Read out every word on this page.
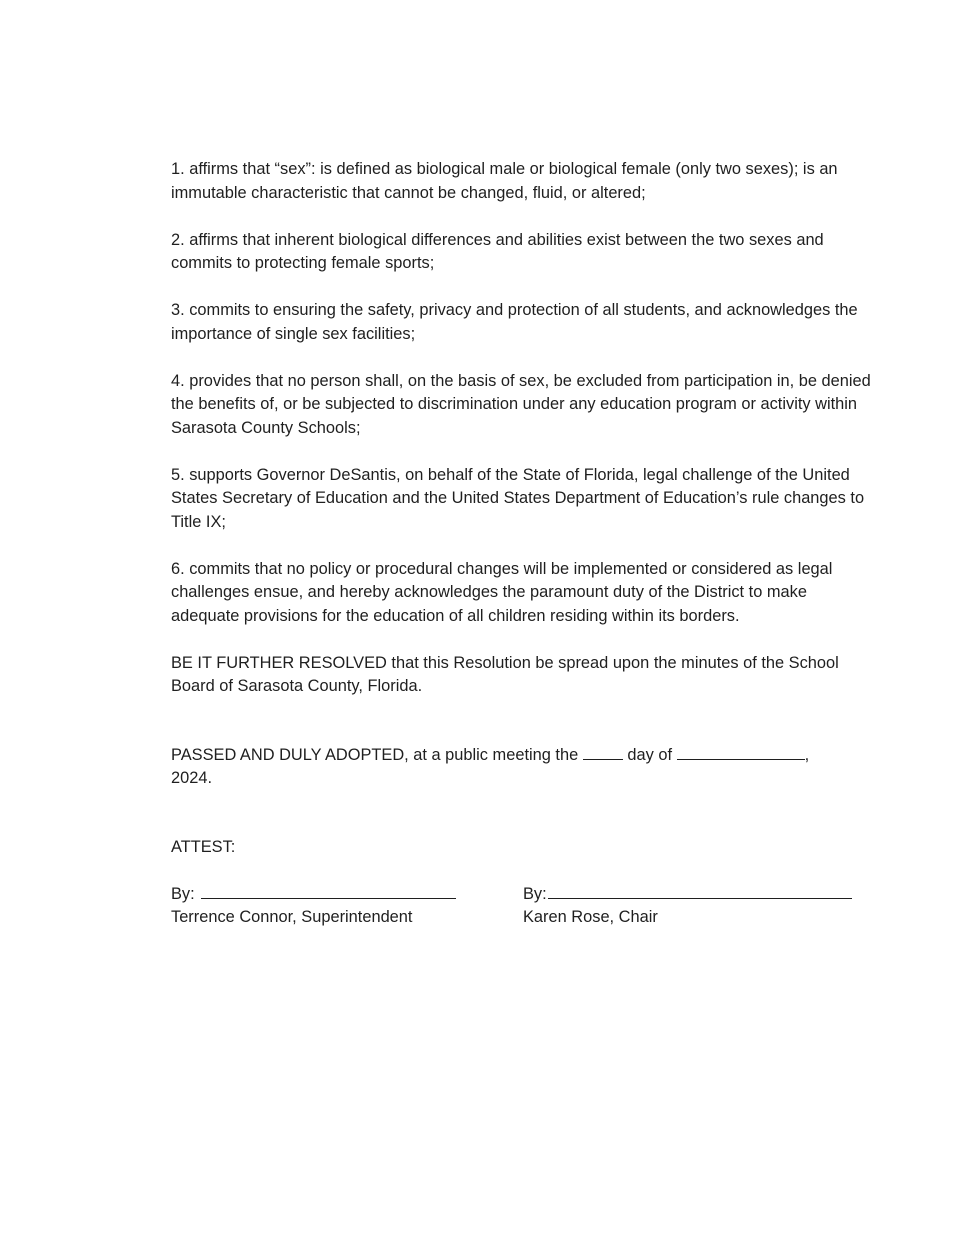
1. affirms that “sex”: is defined as biological male or biological female (only two sexes); is an immutable characteristic that cannot be changed, fluid, or altered;

2. affirms that inherent biological differences and abilities exist between the two sexes and commits to protecting female sports;

3. commits to ensuring the safety, privacy and protection of all students, and acknowledges the importance of single sex facilities;

4. provides that no person shall, on the basis of sex, be excluded from participation in, be denied the benefits of, or be subjected to discrimination under any education program or activity within Sarasota County Schools;

5. supports Governor DeSantis, on behalf of the State of Florida, legal challenge of the United States Secretary of Education and the United States Department of Education’s rule changes to Title IX;

6. commits that no policy or procedural changes will be implemented or considered as legal challenges ensue, and hereby acknowledges the paramount duty of the District to make adequate provisions for the education of all children residing within its borders.

BE IT FURTHER RESOLVED that this Resolution be spread upon the minutes of the School Board of Sarasota County, Florida.

PASSED AND DULY ADOPTED, at a public meeting the	day of	,
2024.

ATTEST:

By:
Terrence Connor, Superintendent
By:
Karen Rose, Chair
